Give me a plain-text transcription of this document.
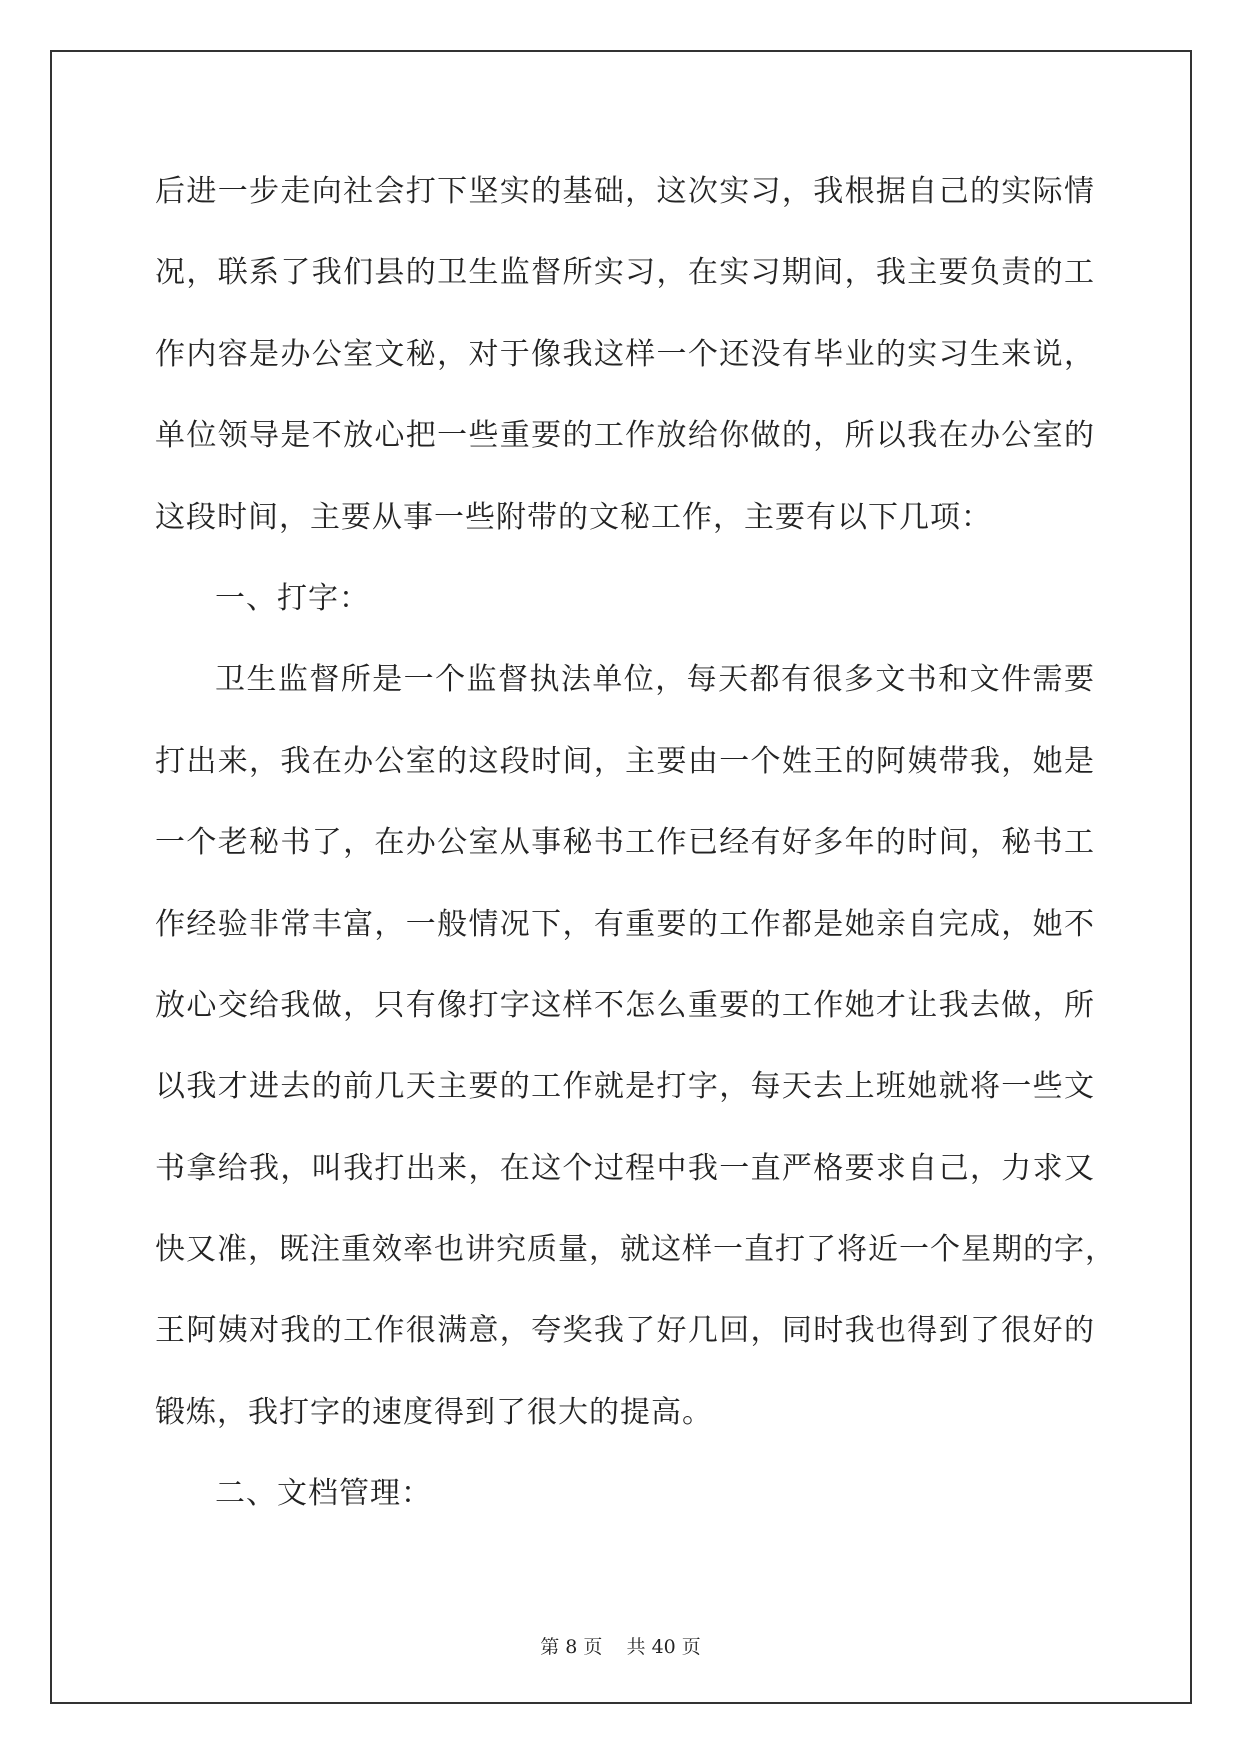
后进一步走向社会打下坚实的基础，这次实习，我根据自己的实际情
况，联系了我们县的卫生监督所实习，在实习期间，我主要负责的工
作内容是办公室文秘，对于像我这样一个还没有毕业的实习生来说，
单位领导是不放心把一些重要的工作放给你做的，所以我在办公室的
这段时间，主要从事一些附带的文秘工作，主要有以下几项：
一、打字：
卫生监督所是一个监督执法单位，每天都有很多文书和文件需要
打出来，我在办公室的这段时间，主要由一个姓王的阿姨带我，她是
一个老秘书了，在办公室从事秘书工作已经有好多年的时间，秘书工
作经验非常丰富，一般情况下，有重要的工作都是她亲自完成，她不
放心交给我做，只有像打字这样不怎么重要的工作她才让我去做，所
以我才进去的前几天主要的工作就是打字，每天去上班她就将一些文
书拿给我，叫我打出来，在这个过程中我一直严格要求自己，力求又
快又准，既注重效率也讲究质量，就这样一直打了将近一个星期的字，
王阿姨对我的工作很满意，夸奖我了好几回，同时我也得到了很好的
锻炼，我打字的速度得到了很大的提高。
二、文档管理：
第 8 页    共 40 页
